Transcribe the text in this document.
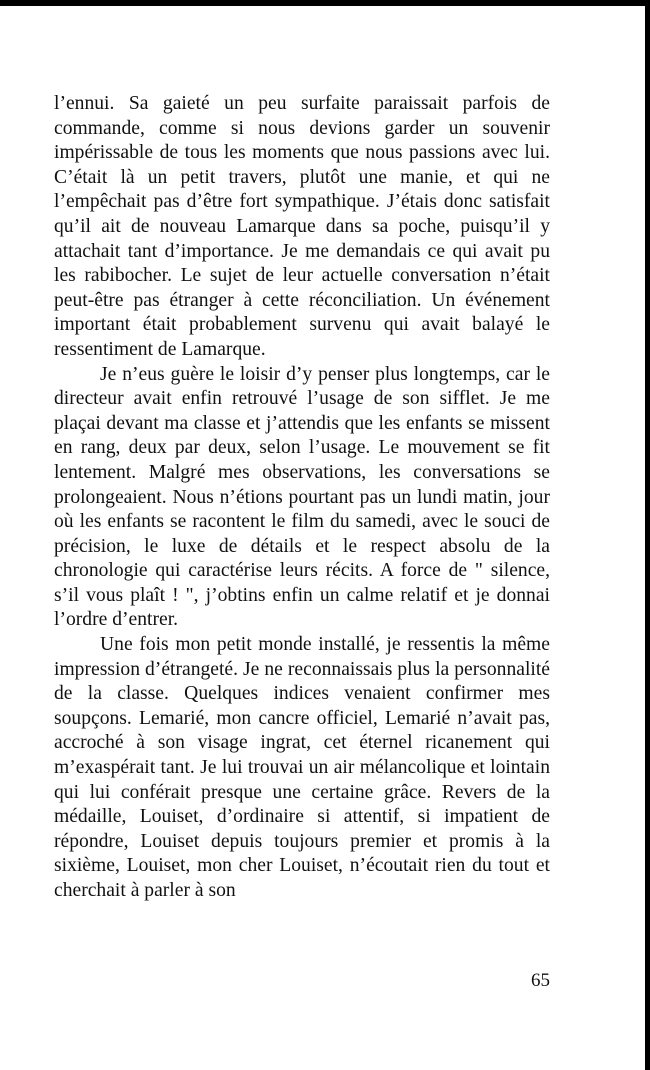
l’ennui. Sa gaieté un peu surfaite paraissait parfois de commande, comme si nous devions garder un souvenir impérissable de tous les moments que nous passions avec lui. C’était là un petit travers, plutôt une manie, et qui ne l’empêchait pas d’être fort sympathique. J’étais donc satisfait qu’il ait de nouveau Lamarque dans sa poche, puisqu’il y attachait tant d’importance. Je me demandais ce qui avait pu les rabibocher. Le sujet de leur actuelle conversation n’était peut-être pas étranger à cette réconciliation. Un événement important était probablement survenu qui avait balayé le ressentiment de Lamarque.

Je n’eus guère le loisir d’y penser plus longtemps, car le directeur avait enfin retrouvé l’usage de son sifflet. Je me plaçai devant ma classe et j’attendis que les enfants se missent en rang, deux par deux, selon l’usage. Le mouvement se fit lentement. Malgré mes observations, les conversations se prolongeaient. Nous n’étions pourtant pas un lundi matin, jour où les enfants se racontent le film du samedi, avec le souci de précision, le luxe de détails et le respect absolu de la chronologie qui caractérise leurs récits. A force de " silence, s’il vous plaît ! ", j’obtins enfin un calme relatif et je donnai l’ordre d’entrer.

Une fois mon petit monde installé, je ressentis la même impression d’étrangeté. Je ne reconnaissais plus la personnalité de la classe. Quelques indices venaient confirmer mes soupçons. Lemarié, mon cancre officiel, Lemarié n’avait pas, accroché à son visage ingrat, cet éternel ricanement qui m’exaspérait tant. Je lui trouvai un air mélancolique et lointain qui lui conférait presque une certaine grâce. Revers de la médaille, Louiset, d’ordinaire si attentif, si impatient de répondre, Louiset depuis toujours premier et promis à la sixième, Louiset, mon cher Louiset, n’écoutait rien du tout et cherchait à parler à son

65
